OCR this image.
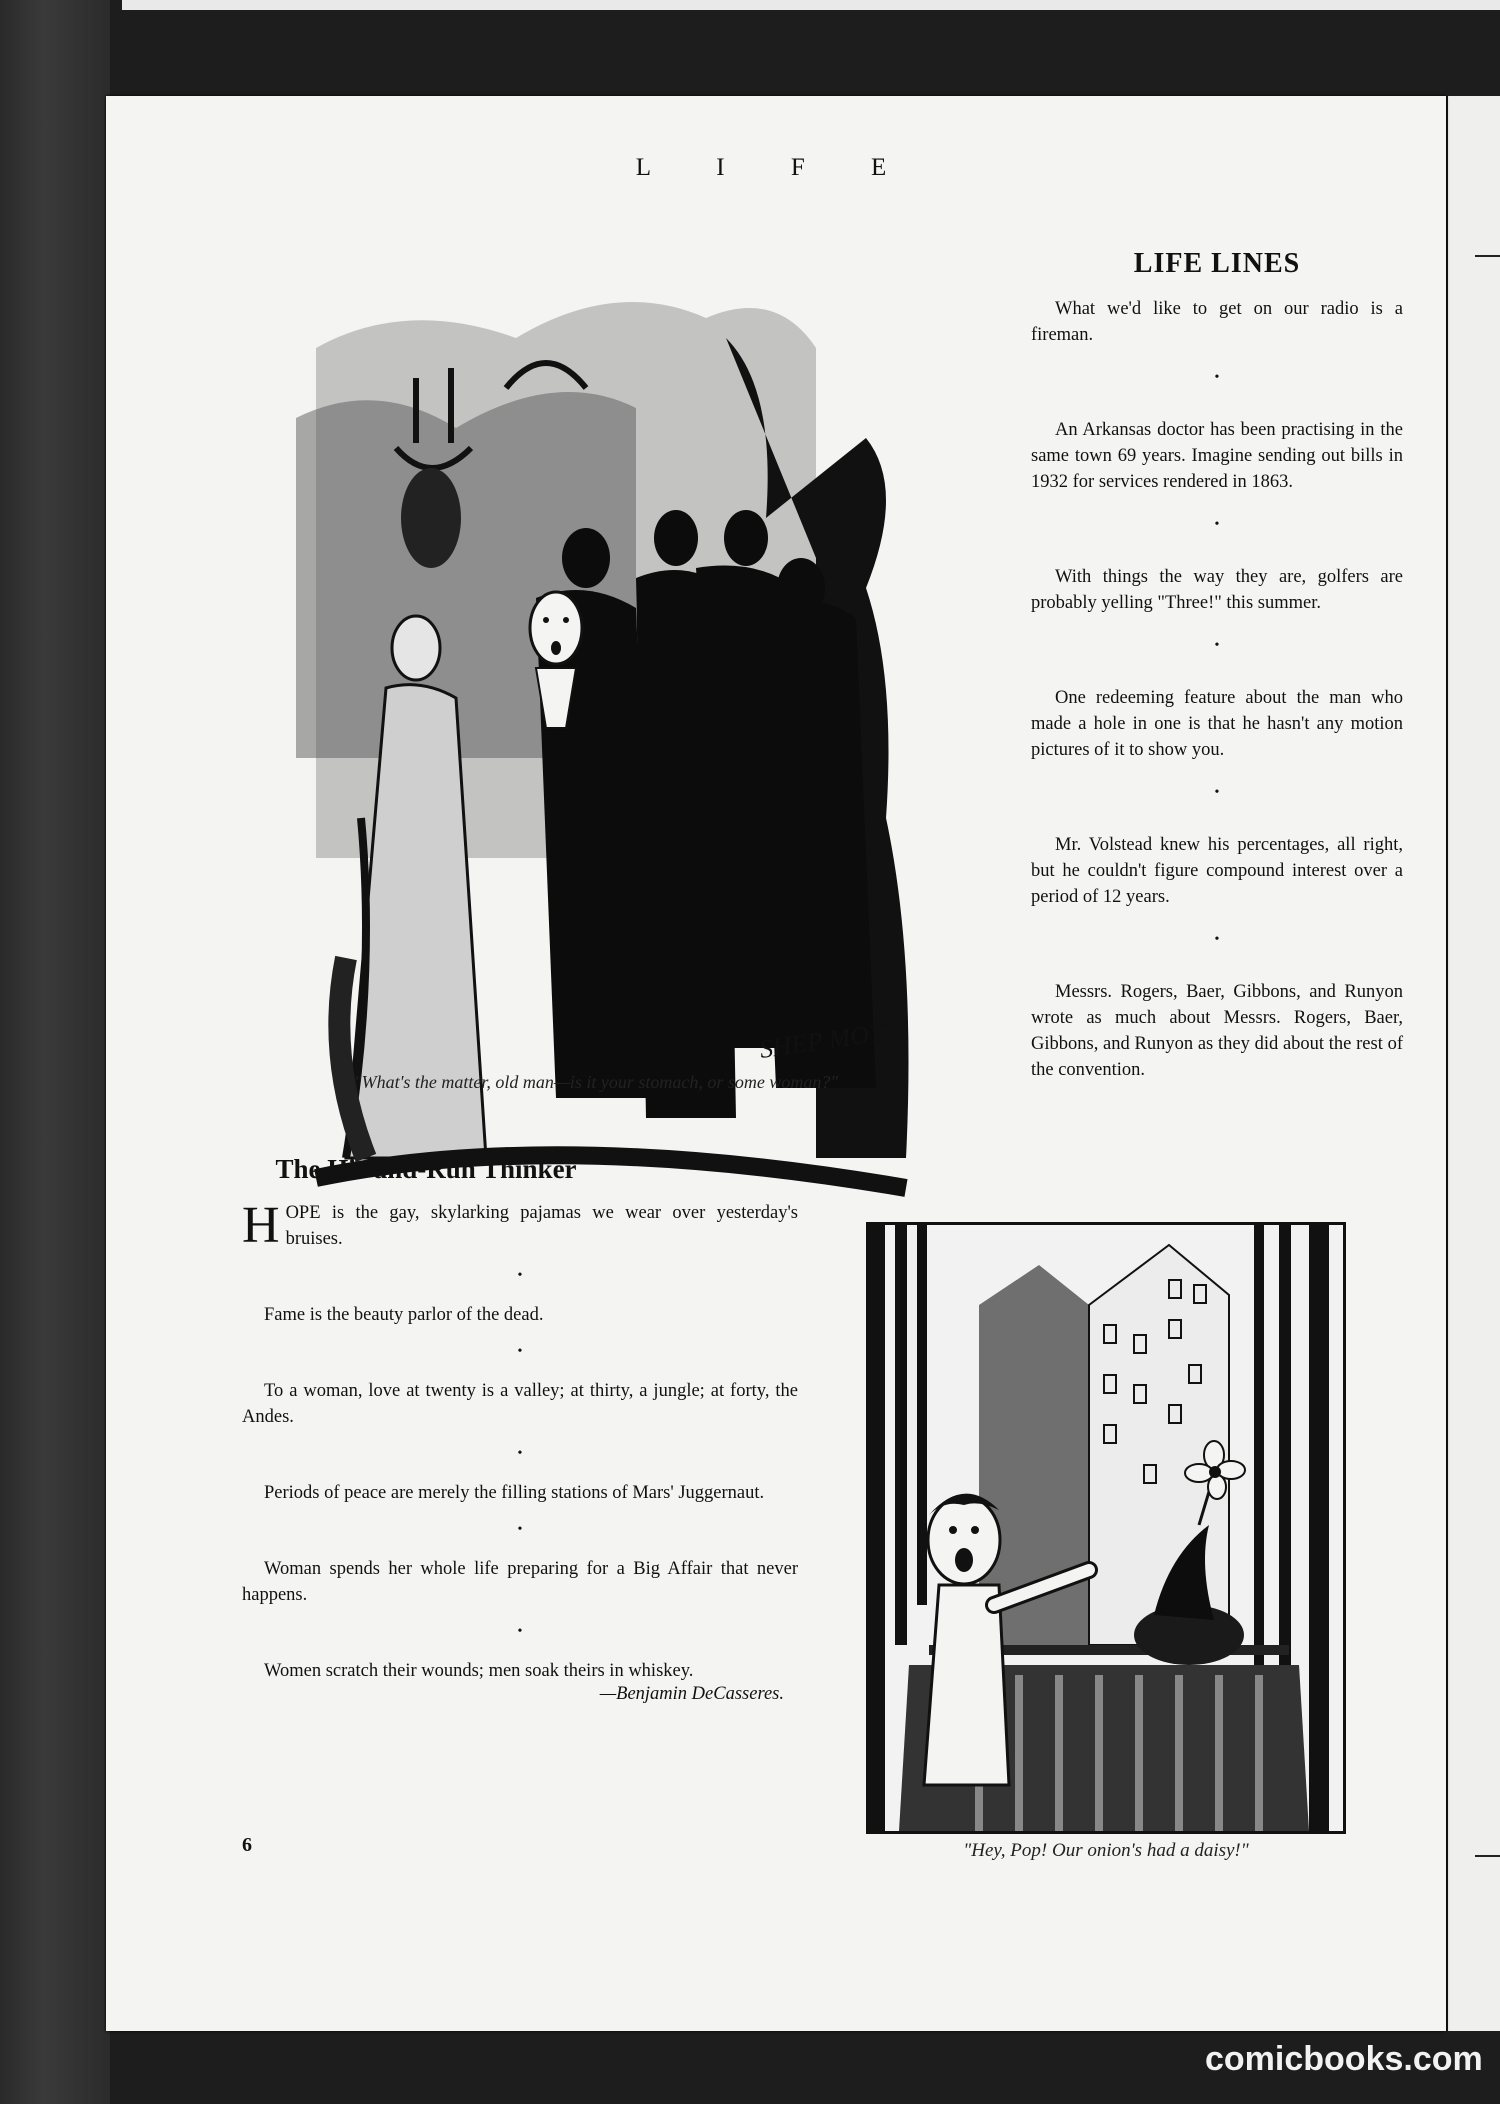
L I F E
SHEP MOTT
"What's the matter, old man—is it your stomach, or some woman?"
LIFE LINES

What we'd like to get on our radio is a fireman.

•

An Arkansas doctor has been practising in the same town 69 years. Imagine sending out bills in 1932 for services rendered in 1863.

•

With things the way they are, golfers are probably yelling "Three!" this summer.

•

One redeeming feature about the man who made a hole in one is that he hasn't any motion pictures of it to show you.

•

Mr. Volstead knew his percentages, all right, but he couldn't figure compound interest over a period of 12 years.

•

Messrs. Rogers, Baer, Gibbons, and Runyon wrote as much about Messrs. Rogers, Baer, Gibbons, and Runyon as they did about the rest of the convention.

The Hit-and-Run Thinker

HOPE is the gay, skylarking pajamas we wear over yesterday's bruises.

•

Fame is the beauty parlor of the dead.

•

To a woman, love at twenty is a valley; at thirty, a jungle; at forty, the Andes.

•

Periods of peace are merely the filling stations of Mars' Juggernaut.

•

Woman spends her whole life preparing for a Big Affair that never happens.

•

Women scratch their wounds; men soak theirs in whiskey.

—Benjamin DeCasseres.
"Hey, Pop! Our onion's had a daisy!"
6
comicbooks.com
